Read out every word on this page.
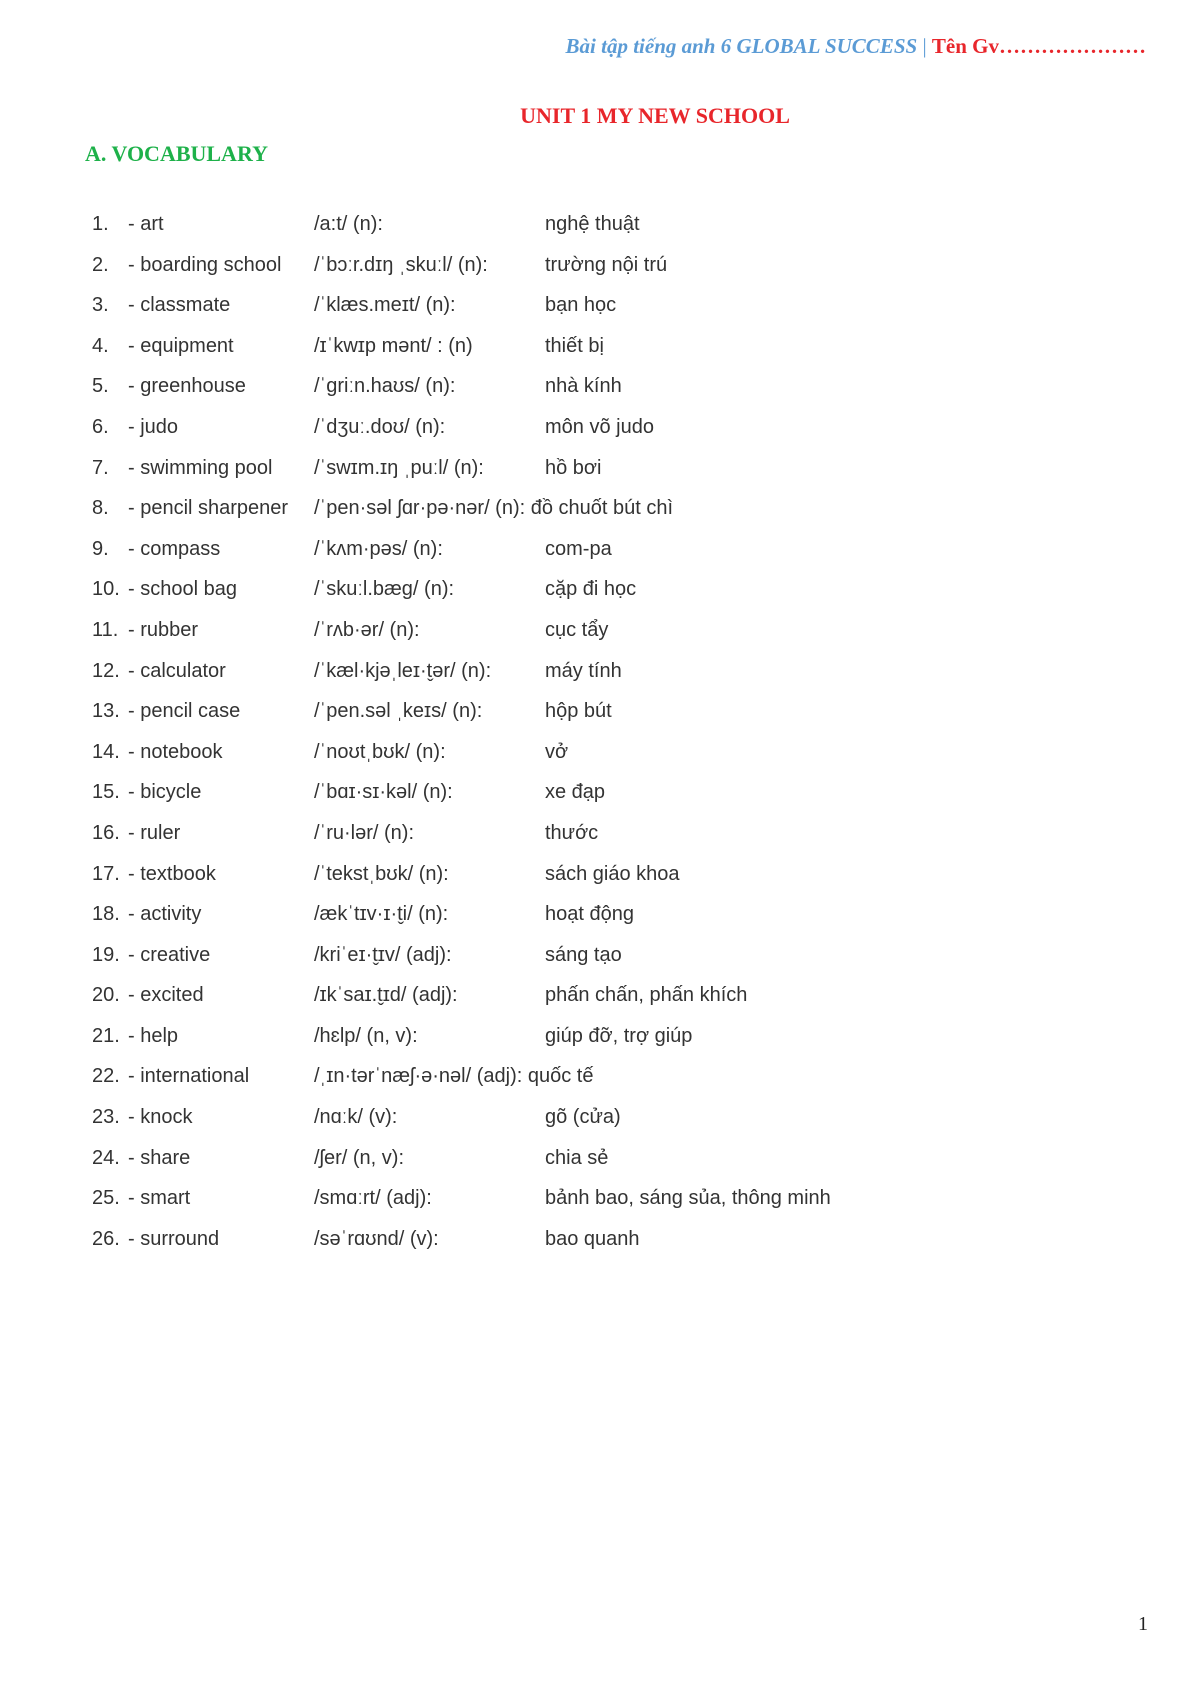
Bài tập tiếng anh 6 GLOBAL SUCCESS | Tên Gv…………………
UNIT 1 MY NEW SCHOOL
A. VOCABULARY
1. - art	/a:t/ (n):	nghệ thuật
2. - boarding school /ˈbɔːr.dɪŋ ˌskuːl/ (n):	trường nội trú
3. - classmate	/ˈklæs.meɪt/ (n):	bạn học
4. - equipment	/ɪˈkwɪp mənt/ : (n)	thiết bị
5. - greenhouse	/ˈɡriːn.haʊs/ (n):	nhà kính
6. - judo	/ˈdʒuː.doʊ/ (n):	môn võ judo
7. - swimming pool /ˈswɪm.ɪŋ ˌpuːl/ (n):	hồ bơi
8. - pencil sharpener /ˈpen·səl ʃɑr·pə·nər/ (n): đồ chuốt bút chì
9. - compass	/ˈkʌm·pəs/ (n):	com-pa
10. - school bag	/ˈskuːl.bæɡ/ (n):	cặp đi học
11. - rubber	/ˈrʌb·ər/ (n):	cục tẩy
12. - calculator	/ˈkæl·kjəˌleɪ·t̬ər/ (n):	máy tính
13. - pencil case	/ˈpen.səl ˌkeɪs/ (n):	hộp bút
14. - notebook	/ˈnoʊtˌbʊk/ (n):	vở
15. - bicycle	/ˈbɑɪ·sɪ·kəl/ (n):	xe đạp
16. - ruler	/ˈru·lər/ (n):	thước
17. - textbook	/ˈtekstˌbʊk/ (n):	sách giáo khoa
18. - activity	/ækˈtɪv·ɪ·t̬i/ (n):	hoạt động
19. - creative	/kriˈeɪ·t̬ɪv/ (adj):	sáng tạo
20. - excited	/ɪkˈsaɪ.t̬ɪd/ (adj):	phấn chấn, phấn khích
21. - help	/hɛlp/ (n, v):	giúp đỡ, trợ giúp
22. - international	/ˌɪn·tərˈnæʃ·ə·nəl/ (adj): quốc tế
23. - knock	/nɑːk/ (v):	gõ (cửa)
24. - share	/ʃer/ (n, v):	chia sẻ
25. - smart	/smɑːrt/ (adj):	bảnh bao, sáng sủa, thông minh
26. - surround	/səˈrɑʊnd/ (v):	bao quanh
1
